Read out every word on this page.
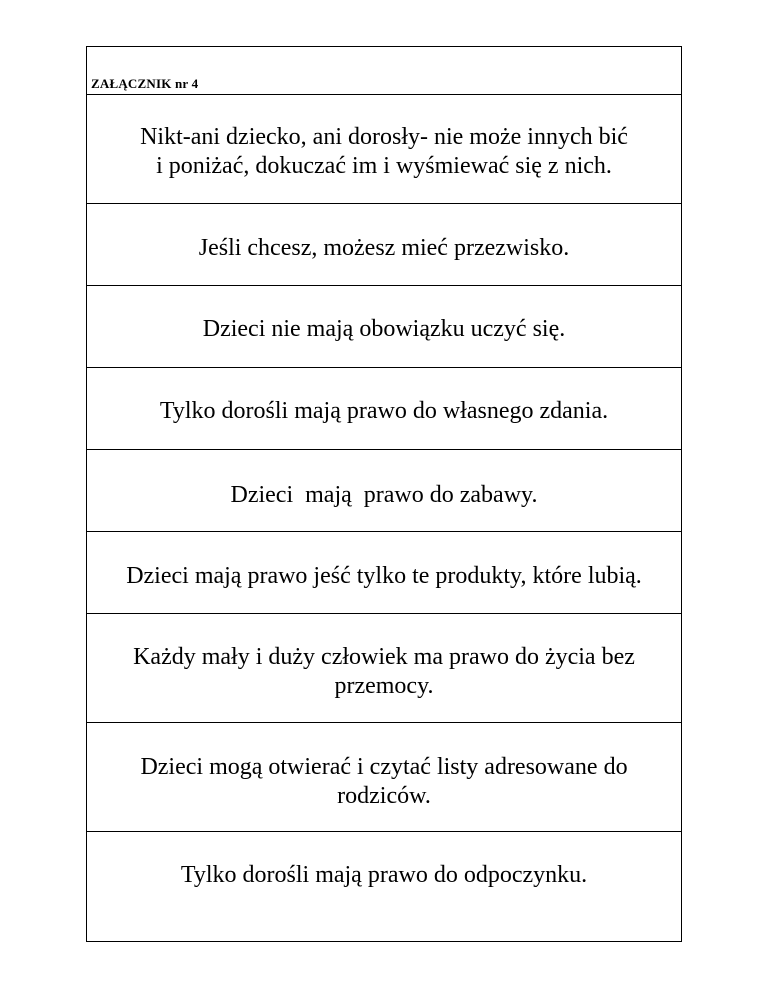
ZAŁĄCZNIK nr 4
Nikt-ani dziecko, ani dorosły- nie może innych bić
i poniżać, dokuczać im i wyśmiewać się z nich.
Jeśli chcesz, możesz mieć przezwisko.
Dzieci nie mają obowiązku uczyć się.
Tylko dorośli mają prawo do własnego zdania.
Dzieci  mają  prawo do zabawy.
Dzieci mają prawo jeść tylko te produkty, które lubią.
Każdy mały i duży człowiek ma prawo do życia bez
przemocy.
Dzieci mogą otwierać i czytać listy adresowane do
rodziców.
Tylko dorośli mają prawo do odpoczynku.
